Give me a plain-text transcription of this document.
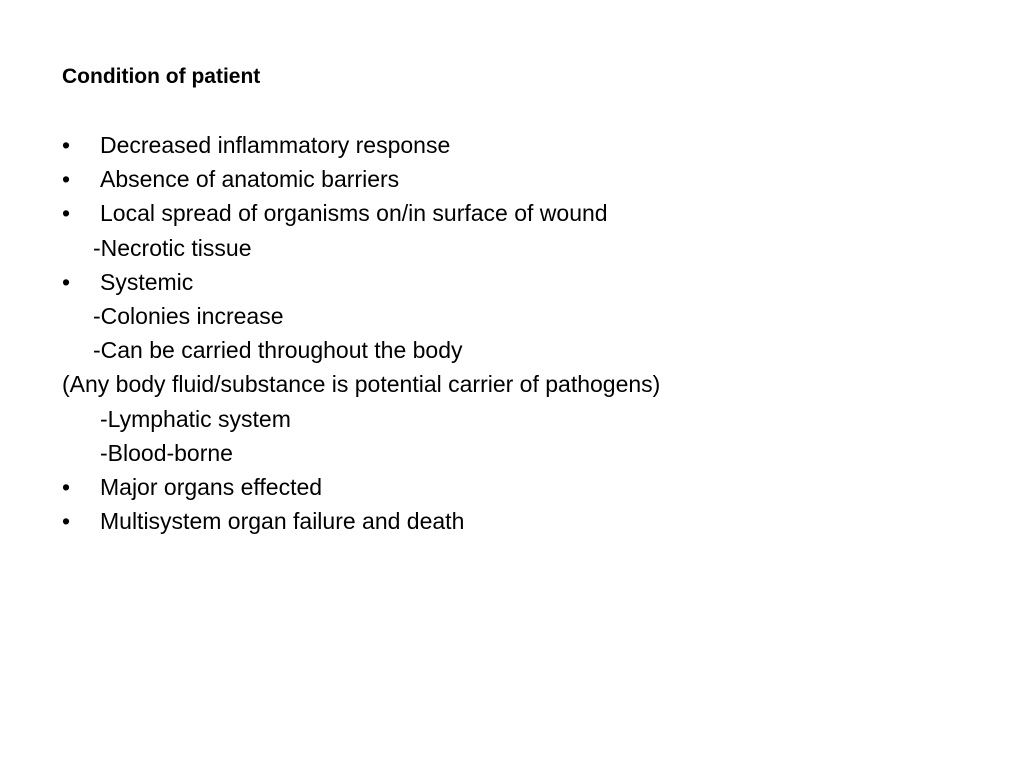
Condition of patient
• Decreased inflammatory response
• Absence of anatomic barriers
• Local spread of organisms on/in surface of wound
-Necrotic tissue
• Systemic
-Colonies increase
-Can be carried throughout the body
(Any body fluid/substance is potential carrier of pathogens)
-Lymphatic system
-Blood-borne
• Major organs effected
• Multisystem organ failure and death
